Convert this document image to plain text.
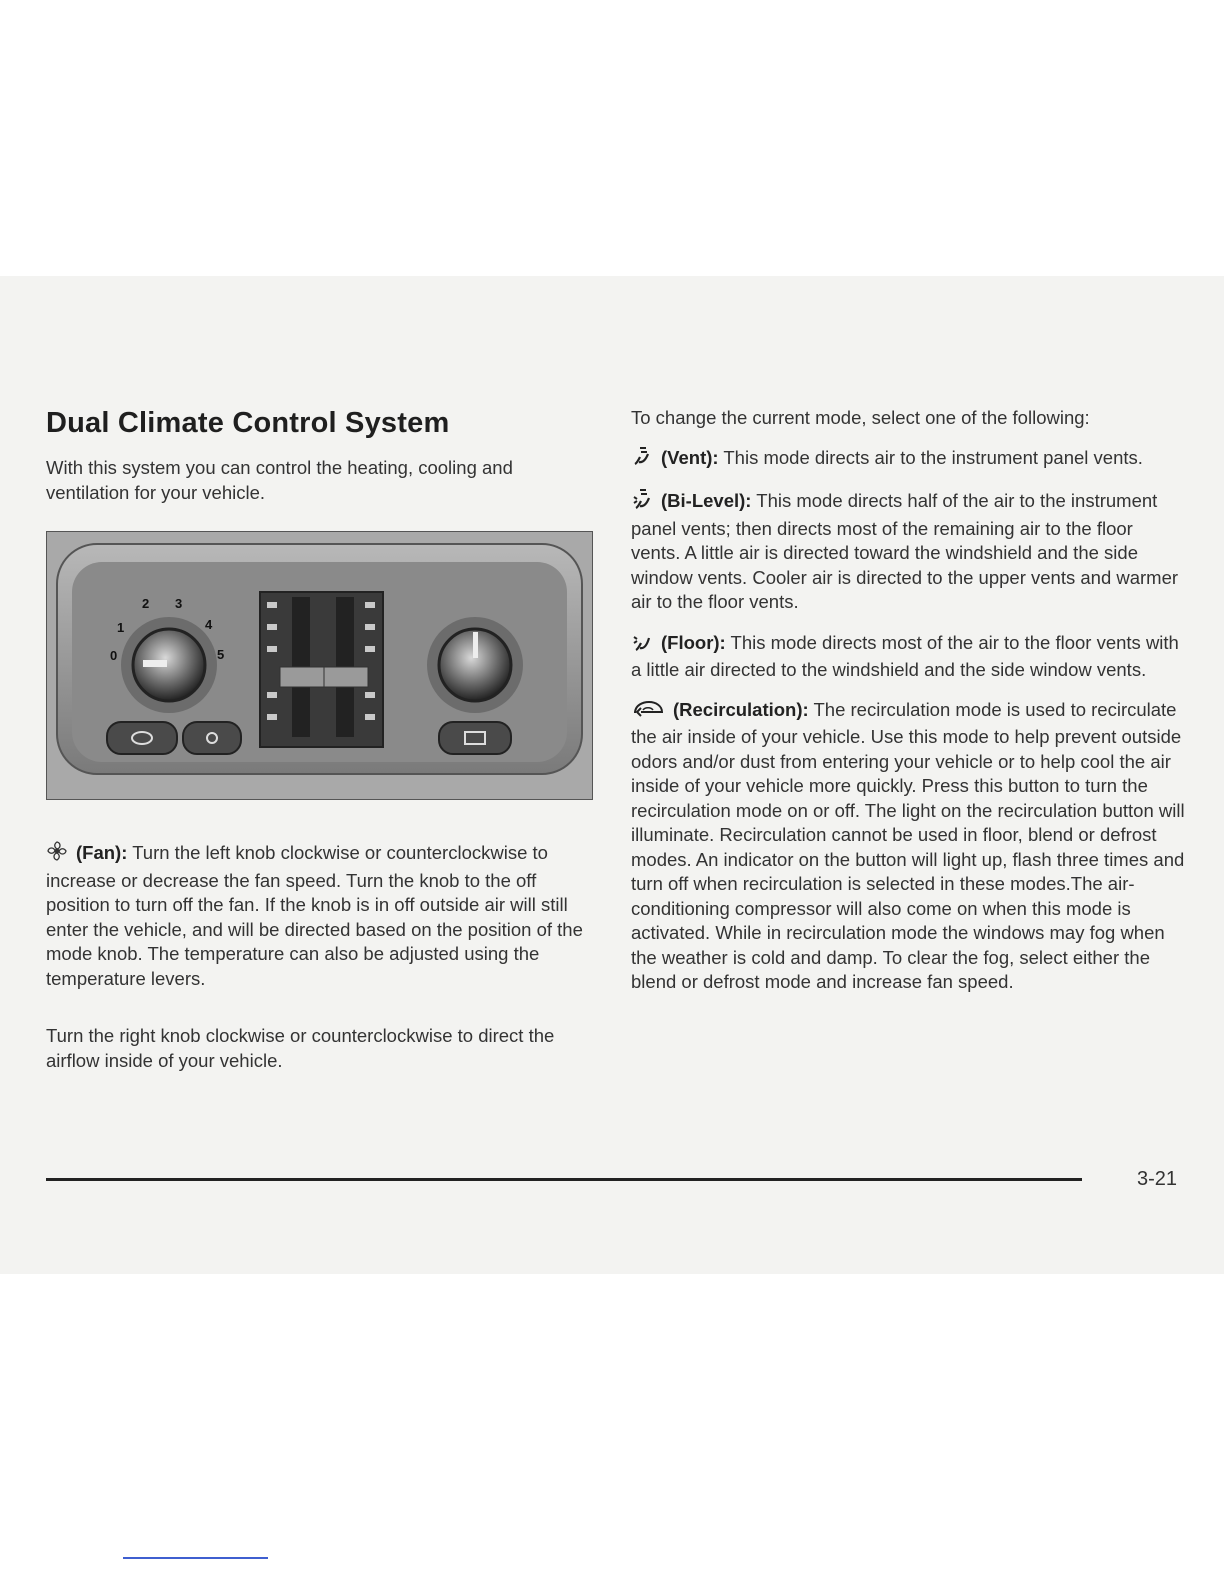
Dual Climate Control System

With this system you can control the heating, cooling and ventilation for your vehicle.

0
1
2 3
4
5

(Fan): Turn the left knob clockwise or counterclockwise to increase or decrease the fan speed. Turn the knob to the off position to turn off the fan. If the knob is in off outside air will still enter the vehicle, and will be directed based on the position of the mode knob. The temperature can also be adjusted using the temperature levers.

Turn the right knob clockwise or counterclockwise to direct the airflow inside of your vehicle.

To change the current mode, select one of the following:

(Vent): This mode directs air to the instrument panel vents.

(Bi-Level): This mode directs half of the air to the instrument panel vents; then directs most of the remaining air to the floor vents. A little air is directed toward the windshield and the side window vents. Cooler air is directed to the upper vents and warmer air to the floor vents.

(Floor): This mode directs most of the air to the floor vents with a little air directed to the windshield and the side window vents.

(Recirculation): The recirculation mode is used to recirculate the air inside of your vehicle. Use this mode to help prevent outside odors and/or dust from entering your vehicle or to help cool the air inside of your vehicle more quickly. Press this button to turn the recirculation mode on or off. The light on the recirculation button will illuminate. Recirculation cannot be used in floor, blend or defrost modes. An indicator on the button will light up, flash three times and turn off when recirculation is selected in these modes.The air-conditioning compressor will also come on when this mode is activated. While in recirculation mode the windows may fog when the weather is cold and damp. To clear the fog, select either the blend or defrost mode and increase fan speed.

3-21
